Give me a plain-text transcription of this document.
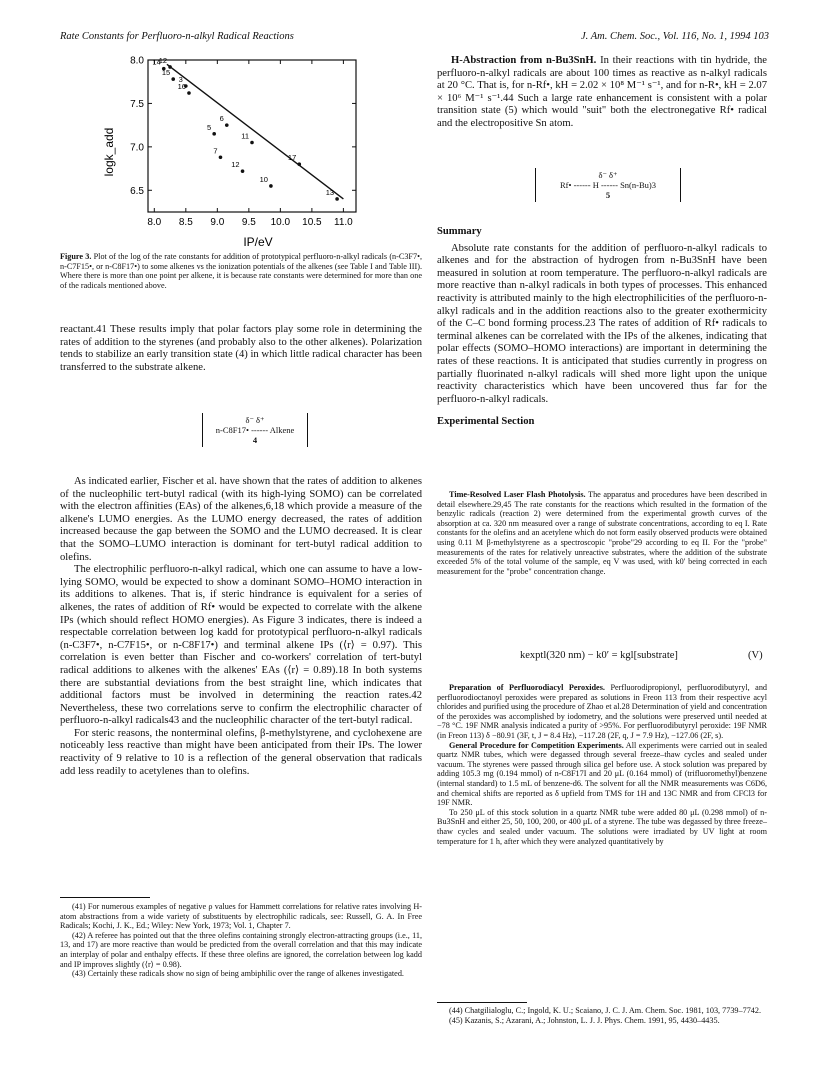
Rate Constants for Perfluoro-n-alkyl Radical Reactions	J. Am. Chem. Soc., Vol. 116, No. 1, 1994 103
logk_add
IP/eV
8.0 8.5 9.0 9.5 10.0 10.5 11.0
8.0
7.5
7.0
6.5
14
12
15
3
16
6
11
5
7
12
17
10
13
Figure 3. Plot of the log of the rate constants for addition of prototypical perfluoro-n-alkyl radicals (n-C3F7•, n-C7F15•, or n-C8F17•) to some alkenes vs the ionization potentials of the alkenes (see Table I and Table III). Where there is more than one point per alkene, it is because rate constants were determined for more than one of the radicals mentioned above.

reactant.41 These results imply that polar factors play some role in determining the rates of addition to the styrenes (and probably also to the other alkenes). Polarization tends to stabilize an early transition state (4) in which little radical character has been transferred to the substrate alkene.

δ⁻ δ⁺
n-C8F17• ------ Alkene
4

As indicated earlier, Fischer et al. have shown that the rates of addition to alkenes of the nucleophilic tert-butyl radical (with its high-lying SOMO) can be correlated with the electron affinities (EAs) of the alkenes,6,18 which provide a measure of the alkene's LUMO energies. As the LUMO energy decreased, the rates of addition increased because the gap between the SOMO and the LUMO decreased. It is clear that the SOMO–LUMO interaction is dominant for tert-butyl radical addition to olefins.

The electrophilic perfluoro-n-alkyl radical, which one can assume to have a low-lying SOMO, would be expected to show a dominant SOMO–HOMO interaction in its additions to alkenes. That is, if steric hindrance is equivalent for a series of alkenes, the rates of addition of Rf• would be expected to correlate with the alkene IPs (which should reflect HOMO energies). As Figure 3 indicates, there is indeed a respectable correlation between log kadd for prototypical perfluoro-n-alkyl radicals (n-C3F7•, n-C7F15•, or n-C8F17•) and terminal alkene IPs (⟨r⟩ = 0.97). This correlation is even better than Fischer and co-workers' correlation of tert-butyl radical additions to alkenes with the alkenes' EAs (⟨r⟩ = 0.89).18 In both systems there are substantial deviations from the best straight line, which indicates that additional factors must be involved in determining the reaction rates.42 Nevertheless, these two correlations serve to confirm the electrophilic character of perfluoro-n-alkyl radicals43 and the nucleophilic character of the tert-butyl radical.

For steric reasons, the nonterminal olefins, β-methylstyrene, and cyclohexene are noticeably less reactive than might have been anticipated from their IPs. The lower reactivity of 9 relative to 10 is a reflection of the general observation that radicals add less readily to acetylenes than to olefins.

(41) For numerous examples of negative ρ values for Hammett correlations for relative rates involving H-atom abstractions from a wide variety of substituents by electrophilic radicals, see: Russell, G. A. In Free Radicals; Kochi, J. K., Ed.; Wiley: New York, 1973; Vol. 1, Chapter 7.

(42) A referee has pointed out that the three olefins containing strongly electron-attracting groups (i.e., 11, 13, and 17) are more reactive than would be predicted from the overall correlation and that this may indicate an interplay of polar and enthalpy effects. If these three olefins are ignored, the correlation between log kadd and IP improves slightly (⟨r⟩ = 0.98).

(43) Certainly these radicals show no sign of being ambiphilic over the range of alkenes investigated.

H-Abstraction from n-Bu3SnH. In their reactions with tin hydride, the perfluoro-n-alkyl radicals are about 100 times as reactive as n-alkyl radicals at 20 °C. That is, for n-Rf•, kH = 2.02 × 10⁸ M⁻¹ s⁻¹, and for n-R•, kH = 2.07 × 10⁶ M⁻¹ s⁻¹.44 Such a large rate enhancement is consistent with a polar transition state (5) which would "suit" both the electronegative Rf• radical and the electropositive Sn atom.

δ⁻ δ⁺
Rf• ------ H ------ Sn(n-Bu)3
5
Summary

Absolute rate constants for the addition of perfluoro-n-alkyl radicals to alkenes and for the abstraction of hydrogen from n-Bu3SnH have been measured in solution at room temperature. The perfluoro-n-alkyl radicals are more reactive than n-alkyl radicals in both types of processes. This enhanced reactivity is attributed mainly to the high electrophilicities of the perfluoro-n-alkyl radicals and in the addition reactions also to the greater exothermicity of the C–C bond forming process.23 The rates of addition of Rf• radicals to terminal alkenes can be correlated with the IPs of the alkenes, indicating that polar effects (SOMO–HOMO interactions) are important in determining the rates of these reactions. It is anticipated that studies currently in progress on partially fluorinated n-alkyl radicals will shed more light upon the unique reactivity characteristics which have been uncovered thus far for the perfluoro-n-alkyl radicals.

Experimental Section

Time-Resolved Laser Flash Photolysis. The apparatus and procedures have been described in detail elsewhere.29,45 The rate constants for the reactions which resulted in the formation of the benzylic radicals (reaction 2) were determined from the experimental growth curves of the absorption at ca. 320 nm measured over a range of substrate concentrations, according to eq I. Rate constants for the olefins and an acetylene which do not form easily observed products were obtained using 0.11 M β-methylstyrene as a spectroscopic "probe"29 according to eq II. For the "probe" measurements of the rates for relatively unreactive substrates, where the addition of the substrate exceeded 5% of the total volume of the sample, eq V was used, with k0' being corrected in each measurement for the "probe" concentration change.

kexptl(320 nm) − k0′ = kgl[substrate]	(V)

Preparation of Perfluorodiacyl Peroxides. Perfluorodipropionyl, perfluorodibutyryl, and perfluorodioctanoyl peroxides were prepared as solutions in Freon 113 from their respective acyl chlorides and purified using the procedure of Zhao et al.28 Determination of yield and concentration of the peroxides was accomplished by iodometry, and the solutions were preserved until needed at −78 °C. 19F NMR analysis indicated a purity of >95%. For perfluorodibutyryl peroxide: 19F NMR (in Freon 113) δ −80.91 (3F, t, J = 8.4 Hz), −117.28 (2F, q, J = 7.9 Hz), −127.06 (2F, s).

General Procedure for Competition Experiments. All experiments were carried out in sealed quartz NMR tubes, which were degassed through several freeze–thaw cycles and sealed under vacuum. The styrenes were passed through silica gel before use. A stock solution was prepared by adding 105.3 mg (0.194 mmol) of n-C8F17I and 20 μL (0.164 mmol) of (trifluoromethyl)benzene (internal standard) to 1.5 mL of benzene-d6. The solvent for all the NMR measurements was C6D6, and chemical shifts are reported as δ upfield from TMS for 1H and 13C NMR and from CFCl3 for 19F NMR.

To 250 μL of this stock solution in a quartz NMR tube were added 80 μL (0.298 mmol) of n-Bu3SnH and either 25, 50, 100, 200, or 400 μL of a styrene. The tube was degassed by three freeze–thaw cycles and sealed under vacuum. The solutions were irradiated by UV light at room temperature for 1 h, after which they were analyzed quantitatively by

(44) Chatgilialoglu, C.; Ingold, K. U.; Scaiano, J. C. J. Am. Chem. Soc. 1981, 103, 7739–7742.

(45) Kazanis, S.; Azarani, A.; Johnston, L. J. J. Phys. Chem. 1991, 95, 4430–4435.
